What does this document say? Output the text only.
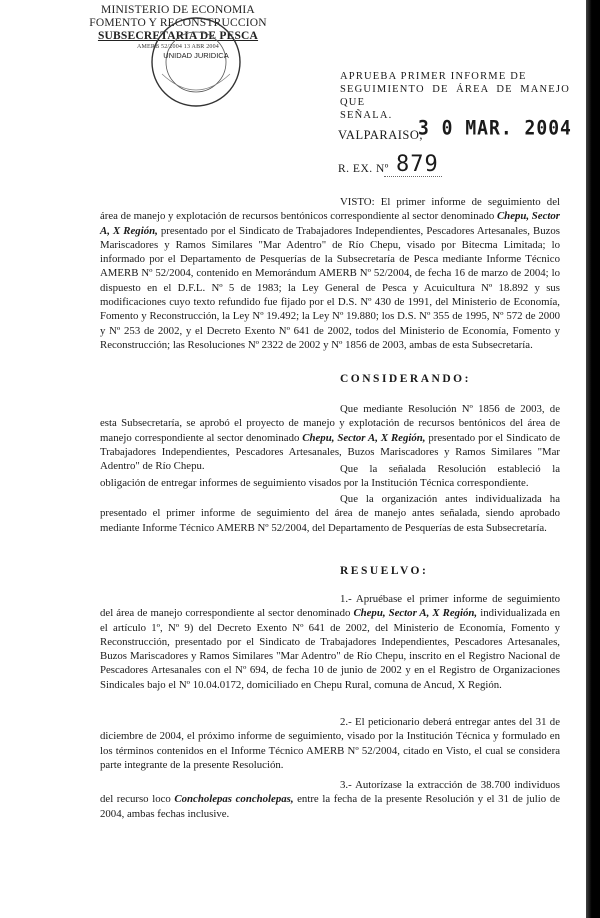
MINISTERIO DE ECONOMIA
FOMENTO Y RECONSTRUCCION
SUBSECRETARIA DE PESCA
AMERB 52/2004 13 ABR 2004
UNIDAD JURIDICA
APRUEBA PRIMER INFORME DE
SEGUIMIENTO DE ÁREA DE MANEJO QUE
SEÑALA.
VALPARAISO,
3 0 MAR. 2004
R. EX. Nº 879
VISTO: El primer informe de seguimiento del área de manejo y explotación de recursos bentónicos correspondiente al sector denominado Chepu, Sector A, X Región, presentado por el Sindicato de Trabajadores Independientes, Pescadores Artesanales, Buzos Mariscadores y Ramos Similares "Mar Adentro" de Río Chepu, visado por Bitecma Limitada; lo informado por el Departamento de Pesquerías de la Subsecretaría de Pesca mediante Informe Técnico AMERB Nº 52/2004, contenido en Memorándum AMERB Nº 52/2004, de fecha 16 de marzo de 2004; lo dispuesto en el D.F.L. Nº 5 de 1983; la Ley General de Pesca y Acuicultura Nº 18.892 y sus modificaciones cuyo texto refundido fue fijado por el D.S. Nº 430 de 1991, del Ministerio de Economía, Fomento y Reconstrucción, la Ley Nº 19.492; la Ley Nº 19.880; los D.S. Nº 355 de 1995, Nº 572 de 2000 y Nº 253 de 2002, y el Decreto Exento Nº 641 de 2002, todos del Ministerio de Economía, Fomento y Reconstrucción; las Resoluciones Nº 2322 de 2002 y Nº 1856 de 2003, ambas de esta Subsecretaría.
CONSIDERANDO:
Que mediante Resolución Nº 1856 de 2003, de esta Subsecretaría, se aprobó el proyecto de manejo y explotación de recursos bentónicos del área de manejo correspondiente al sector denominado Chepu, Sector A, X Región, presentado por el Sindicato de Trabajadores Independientes, Pescadores Artesanales, Buzos Mariscadores y Ramos Similares "Mar Adentro" de Río Chepu.	Que la señalada Resolución estableció la obligación de entregar informes de seguimiento visados por la Institución Técnica correspondiente.
Que la organización antes individualizada ha presentado el primer informe de seguimiento del área de manejo antes señalada, siendo aprobado mediante Informe Técnico AMERB Nº 52/2004, del Departamento de Pesquerías de esta Subsecretaría.
RESUELVO:
1.- Apruébase el primer informe de seguimiento del área de manejo correspondiente al sector denominado Chepu, Sector A, X Región, individualizada en el artículo 1º, Nº 9) del Decreto Exento Nº 641 de 2002, del Ministerio de Economía, Fomento y Reconstrucción, presentado por el Sindicato de Trabajadores Independientes, Pescadores Artesanales, Buzos Mariscadores y Ramos Similares "Mar Adentro" de Río Chepu, inscrito en el Registro Nacional de Pescadores Artesanales con el Nº 694, de fecha 10 de junio de 2002 y en el Registro de Organizaciones Sindicales bajo el Nº 10.04.0172, domiciliado en Chepu Rural, comuna de Ancud, X Región.
2.- El peticionario deberá entregar antes del 31 de diciembre de 2004, el próximo informe de seguimiento, visado por la Institución Técnica y formulado en los términos contenidos en el Informe Técnico AMERB Nº 52/2004, citado en Visto, el cual se considera parte integrante de la presente Resolución.
3.- Autorízase la extracción de 38.700 individuos del recurso loco Concholepas concholepas, entre la fecha de la presente Resolución y el 31 de julio de 2004, ambas fechas inclusive.
